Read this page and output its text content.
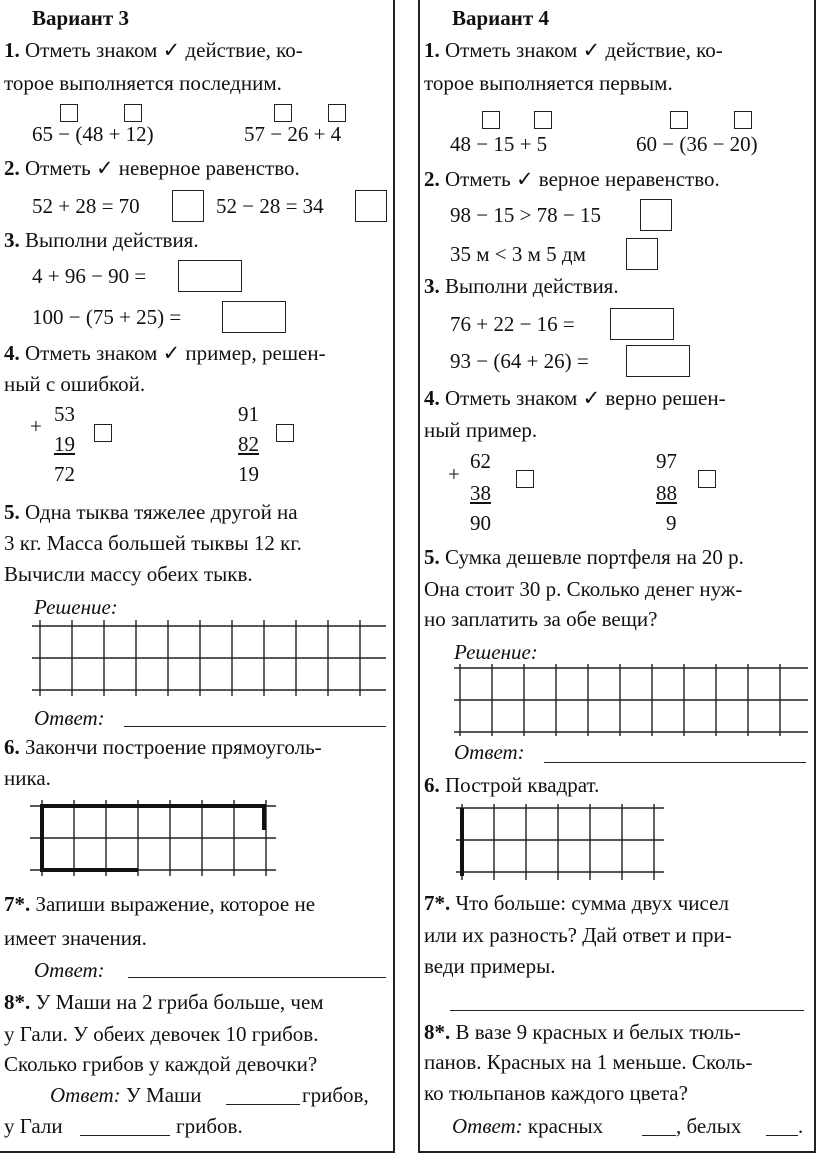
Вариант 3
1. Отметь знаком ✓ действие, ко-
торое выполняется последним.
65 − (48 + 12)	57 − 26 + 4
2. Отметь ✓ неверное равенство.
52 + 28 = 70	52 − 28 = 34
3. Выполни действия.
4 + 96 − 90 =
100 − (75 + 25) =
4. Отметь знаком ✓ пример, решен-
ный с ошибкой.
+ 53
19
72
91
82
19
5. Одна тыква тяжелее другой на
3 кг. Масса большей тыквы 12 кг.
Вычисли массу обеих тыкв.
Решение:
Ответ:
6. Закончи построение прямоуголь-
ника.
7*. Запиши выражение, которое не
имеет значения.
Ответ:
8*. У Маши на 2 гриба больше, чем
у Гали. У обеих девочек 10 грибов.
Сколько грибов у каждой девочки?
Ответ: У Маши	грибов,
у Гали	грибов.
Вариант 4
1. Отметь знаком ✓ действие, ко-
торое выполняется первым.
48 − 15 + 5	60 − (36 − 20)
2. Отметь ✓ верное неравенство.
98 − 15 > 78 − 15
35 м < 3 м 5 дм
3. Выполни действия.
76 + 22 − 16 =
93 − (64 + 26) =
4. Отметь знаком ✓ верно решен-
ный пример.
+
62
38
90
97
88
9
5. Сумка дешевле портфеля на 20 р.
Она стоит 30 р. Сколько денег нуж-
но заплатить за обе вещи?
Решение:
Ответ:
6. Построй квадрат.
7*. Что больше: сумма двух чисел
или их разность? Дай ответ и при-
веди примеры.
8*. В вазе 9 красных и белых тюль-
панов. Красных на 1 меньше. Сколь-
ко тюльпанов каждого цвета?
Ответ: красных	, белых	.
